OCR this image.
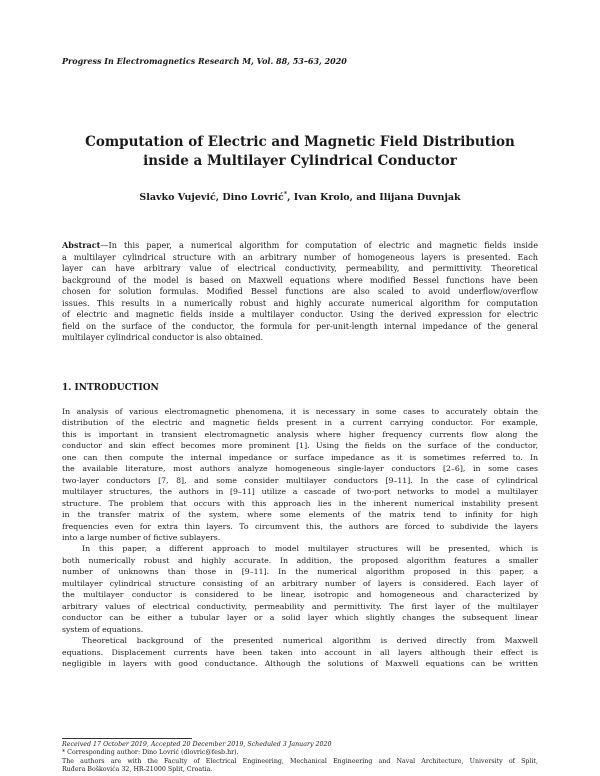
Progress In Electromagnetics Research M, Vol. 88, 53–63, 2020
Computation of Electric and Magnetic Field Distribution
inside a Multilayer Cylindrical Conductor
Slavko Vujević, Dino Lovrić*, Ivan Krolo, and Ilijana Duvnjak
Abstract—In this paper, a numerical algorithm for computation of electric and magnetic fields inside
a multilayer cylindrical structure with an arbitrary number of homogeneous layers is presented. Each
layer can have arbitrary value of electrical conductivity, permeability, and permittivity. Theoretical
background of the model is based on Maxwell equations where modified Bessel functions have been
chosen for solution formulas. Modified Bessel functions are also scaled to avoid underflow/overflow
issues. This results in a numerically robust and highly accurate numerical algorithm for computation
of electric and magnetic fields inside a multilayer conductor. Using the derived expression for electric
field on the surface of the conductor, the formula for per-unit-length internal impedance of the general
multilayer cylindrical conductor is also obtained.
1. INTRODUCTION
In analysis of various electromagnetic phenomena, it is necessary in some cases to accurately obtain the
distribution of the electric and magnetic fields present in a current carrying conductor. For example,
this is important in transient electromagnetic analysis where higher frequency currents flow along the
conductor and skin effect becomes more prominent [1]. Using the fields on the surface of the conductor,
one can then compute the internal impedance or surface impedance as it is sometimes referred to. In
the available literature, most authors analyze homogeneous single-layer conductors [2–6], in some cases
two-layer conductors [7, 8], and some consider multilayer conductors [9–11]. In the case of cylindrical
multilayer structures, the authors in [9–11] utilize a cascade of two-port networks to model a multilayer
structure. The problem that occurs with this approach lies in the inherent numerical instability present
in the transfer matrix of the system, where some elements of the matrix tend to infinity for high
frequencies even for extra thin layers. To circumvent this, the authors are forced to subdivide the layers
into a large number of fictive sublayers.
In this paper, a different approach to model multilayer structures will be presented, which is
both numerically robust and highly accurate. In addition, the proposed algorithm features a smaller
number of unknowns than those in [9–11]. In the numerical algorithm proposed in this paper, a
multilayer cylindrical structure consisting of an arbitrary number of layers is considered. Each layer of
the multilayer conductor is considered to be linear, isotropic and homogeneous and characterized by
arbitrary values of electrical conductivity, permeability and permittivity. The first layer of the multilayer
conductor can be either a tubular layer or a solid layer which slightly changes the subsequent linear
system of equations.
Theoretical background of the presented numerical algorithm is derived directly from Maxwell
equations. Displacement currents have been taken into account in all layers although their effect is
negligible in layers with good conductance. Although the solutions of Maxwell equations can be written
Received 17 October 2019, Accepted 20 December 2019, Scheduled 3 January 2020
* Corresponding author: Dino Lovrić (dlovric@fesb.hr).
The authors are with the Faculty of Electrical Engineering, Mechanical Engineering and Naval Architecture, University of Split,
Ruđera Boškovića 32, HR-21000 Split, Croatia.
